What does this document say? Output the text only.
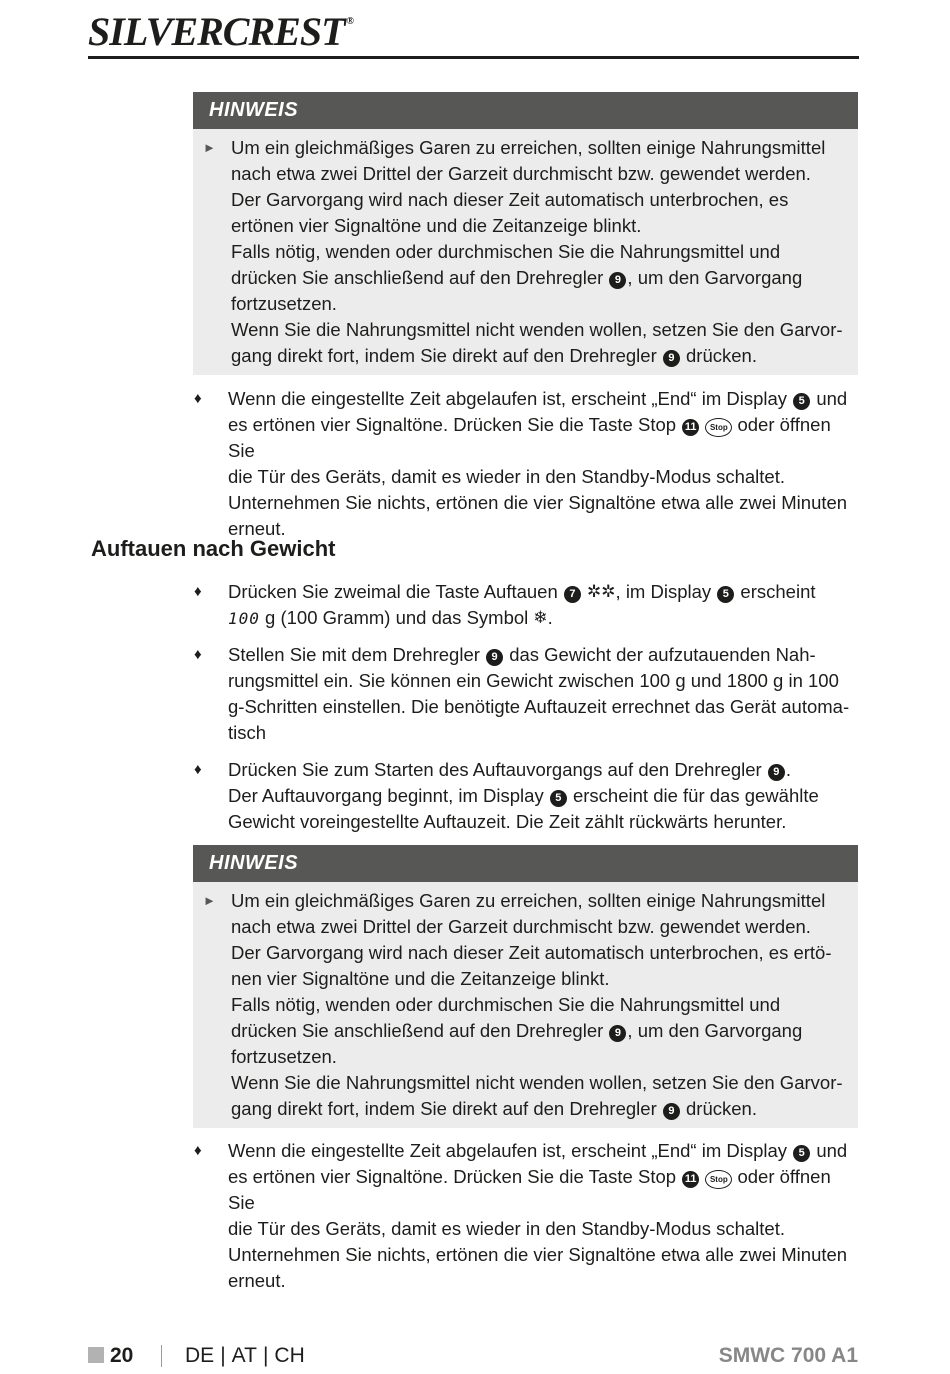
SILVERCREST ®
HINWEIS
► Um ein gleichmäßiges Garen zu erreichen, sollten einige Nahrungsmittel
nach etwa zwei Drittel der Garzeit durchmischt bzw. gewendet werden.
Der Garvorgang wird nach dieser Zeit automatisch unterbrochen, es
ertönen vier Signaltöne und die Zeitanzeige blinkt.
Falls nötig, wenden oder durchmischen Sie die Nahrungsmittel und
drücken Sie anschließend auf den Drehregler 9 , um den Garvorgang
fortzusetzen.
Wenn Sie die Nahrungsmittel nicht wenden wollen, setzen Sie den Garvor-
gang direkt fort, indem Sie direkt auf den Drehregler 9 drücken.

♦ Wenn die eingestellte Zeit abgelaufen ist, erscheint „End“ im Display 5 und
es ertönen vier Signaltöne. Drücken Sie die Taste Stop 11 Stop oder öffnen Sie
die Tür des Geräts, damit es wieder in den Standby-Modus schaltet.
Unternehmen Sie nichts, ertönen die vier Signaltöne etwa alle zwei Minuten
erneut.

Auftauen nach Gewicht
♦ Drücken Sie zweimal die Taste Auftauen 7 ✲✲, im Display 5 erscheint
100 g (100 Gramm) und das Symbol ❄.

♦ Stellen Sie mit dem Drehregler 9 das Gewicht der aufzutauenden Nah-
rungsmittel ein. Sie können ein Gewicht zwischen 100 g und 1800 g in 100
g-Schritten einstellen. Die benötigte Auftauzeit errechnet das Gerät automa-
tisch

♦ Drücken Sie zum Starten des Auftauvorgangs auf den Drehregler 9 .
Der Auftauvorgang beginnt, im Display 5 erscheint die für das gewählte
Gewicht voreingestellte Auftauzeit. Die Zeit zählt rückwärts herunter.

HINWEIS
► Um ein gleichmäßiges Garen zu erreichen, sollten einige Nahrungsmittel
nach etwa zwei Drittel der Garzeit durchmischt bzw. gewendet werden.
Der Garvorgang wird nach dieser Zeit automatisch unterbrochen, es ertö-
nen vier Signaltöne und die Zeitanzeige blinkt.
Falls nötig, wenden oder durchmischen Sie die Nahrungsmittel und
drücken Sie anschließend auf den Drehregler 9 , um den Garvorgang
fortzusetzen.
Wenn Sie die Nahrungsmittel nicht wenden wollen, setzen Sie den Garvor-
gang direkt fort, indem Sie direkt auf den Drehregler 9 drücken.

♦ Wenn die eingestellte Zeit abgelaufen ist, erscheint „End“ im Display 5 und
es ertönen vier Signaltöne. Drücken Sie die Taste Stop 11 Stop oder öffnen Sie
die Tür des Geräts, damit es wieder in den Standby-Modus schaltet.
Unternehmen Sie nichts, ertönen die vier Signaltöne etwa alle zwei Minuten
erneut.

20 DE | AT | CH	SMWC 700 A1
